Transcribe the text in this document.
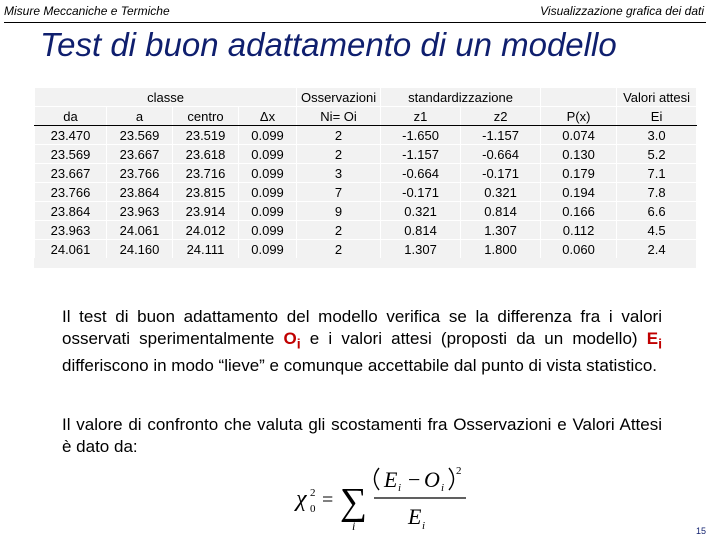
Misure Meccaniche e Termiche	Visualizzazione grafica dei dati
Test di buon adattamento di un modello
classe				Osservazioni	standardizzazione			Valori attesi
da	a	centro	Δx	Ni= Oi	z1	z2	P(x)	Ei
23.470	23.569	23.519	0.099	2	-1.650	-1.157	0.074	3.0
23.569	23.667	23.618	0.099	2	-1.157	-0.664	0.130	5.2
23.667	23.766	23.716	0.099	3	-0.664	-0.171	0.179	7.1
23.766	23.864	23.815	0.099	7	-0.171	0.321	0.194	7.8
23.864	23.963	23.914	0.099	9	0.321	0.814	0.166	6.6
23.963	24.061	24.012	0.099	2	0.814	1.307	0.112	4.5
24.061	24.160	24.111	0.099	2	1.307	1.800	0.060	2.4
Il test di buon adattamento del modello verifica se la differenza fra i valori osservati sperimentalmente $O_i$ e i valori attesi (proposti da un modello) $E_i$ differiscono in modo “lieve” e comunque accettabile dal punto di vista statistico.
Il valore di confronto che valuta gli scostamenti fra Osservazioni e Valori Attesi è dato da:
χ 2
0 = ∑
i
E i − O i
2
E i	15
